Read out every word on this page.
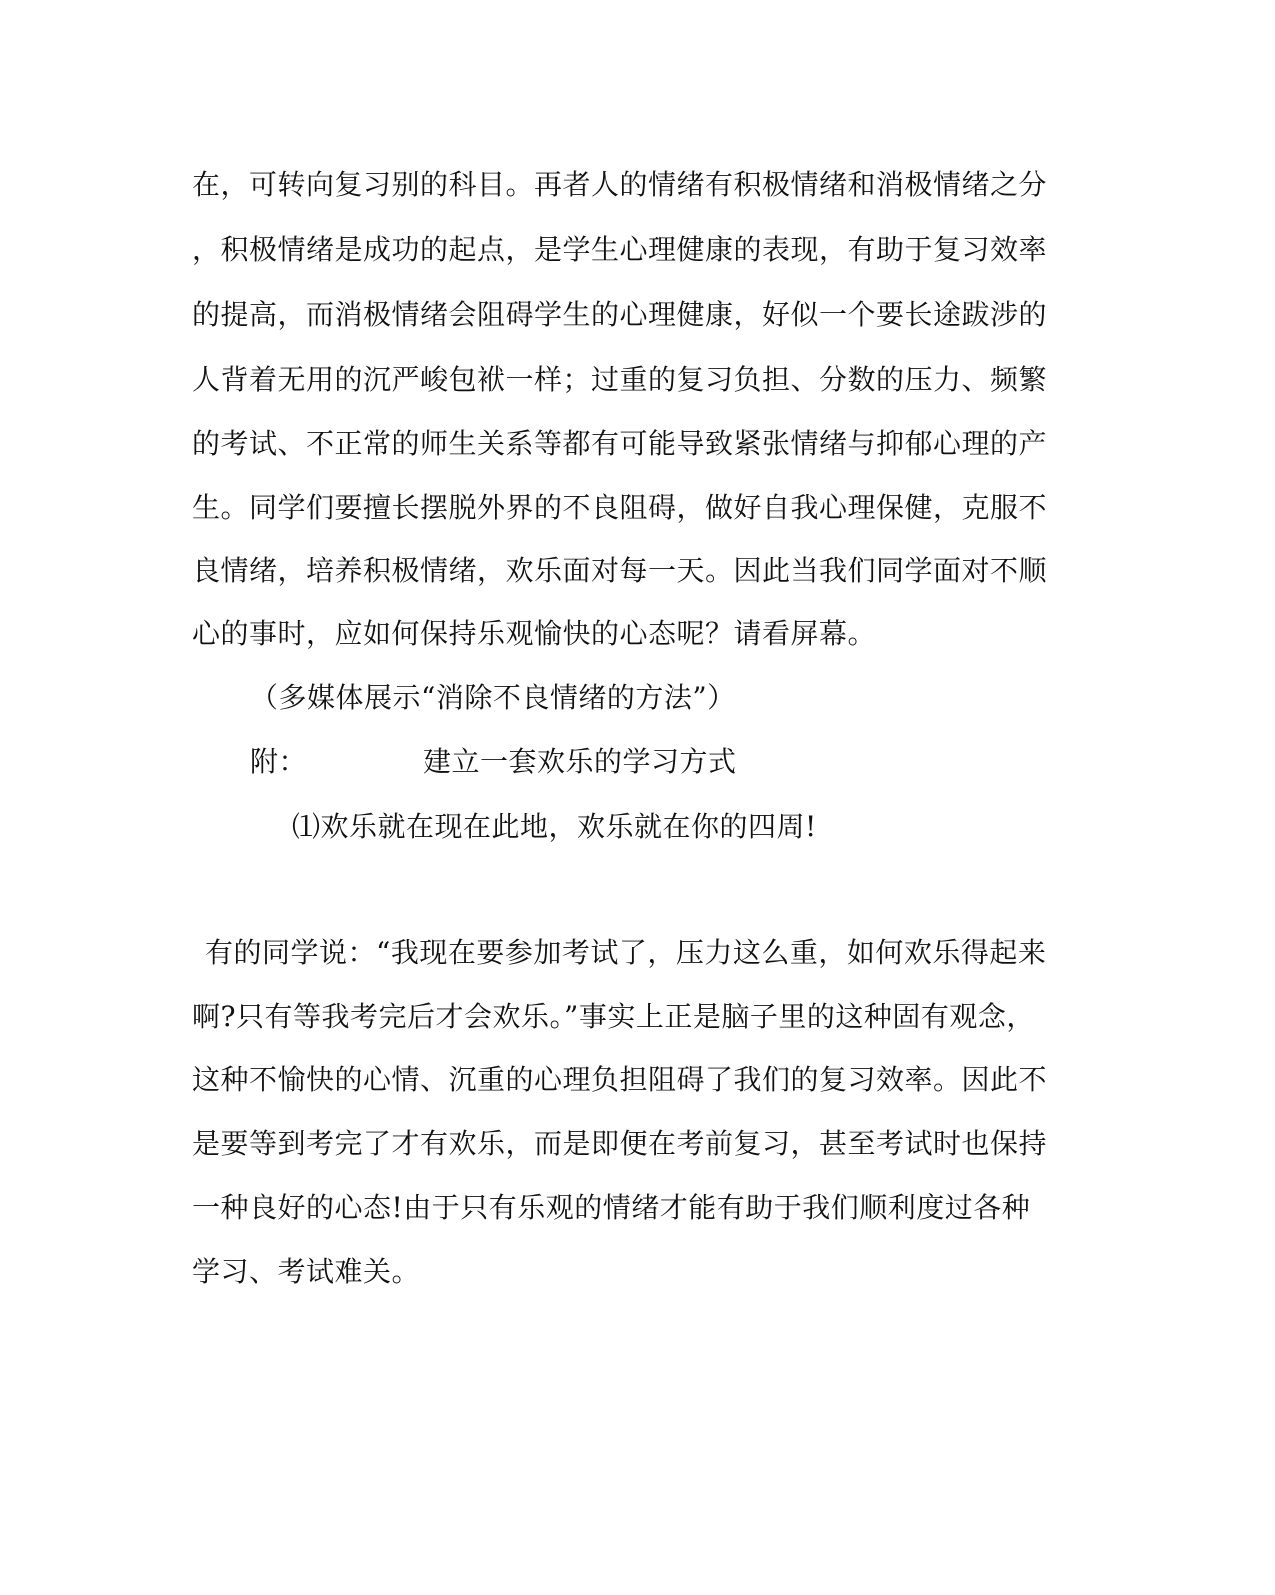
在，可转向复习别的科目。再者人的情绪有积极情绪和消极情绪之分
，积极情绪是成功的起点，是学生心理健康的表现，有助于复习效率
的提高，而消极情绪会阻碍学生的心理健康，好似一个要长途跋涉的
人背着无用的沉严峻包袱一样；过重的复习负担、分数的压力、频繁
的考试、不正常的师生关系等都有可能导致紧张情绪与抑郁心理的产
生。同学们要擅长摆脱外界的不良阻碍，做好自我心理保健，克服不
良情绪，培养积极情绪，欢乐面对每一天。因此当我们同学面对不顺
心的事时，应如何保持乐观愉快的心态呢？请看屏幕。
（多媒体展示“消除不良情绪的方法”）
附：	建立一套欢乐的学习方式
⑴欢乐就在现在此地，欢乐就在你的四周!
有的同学说：“我现在要参加考试了，压力这么重，如何欢乐得起来
啊?只有等我考完后才会欢乐。”事实上正是脑子里的这种固有观念，
这种不愉快的心情、沉重的心理负担阻碍了我们的复习效率。因此不
是要等到考完了才有欢乐，而是即便在考前复习，甚至考试时也保持
一种良好的心态!由于只有乐观的情绪才能有助于我们顺利度过各种
学习、考试难关。
